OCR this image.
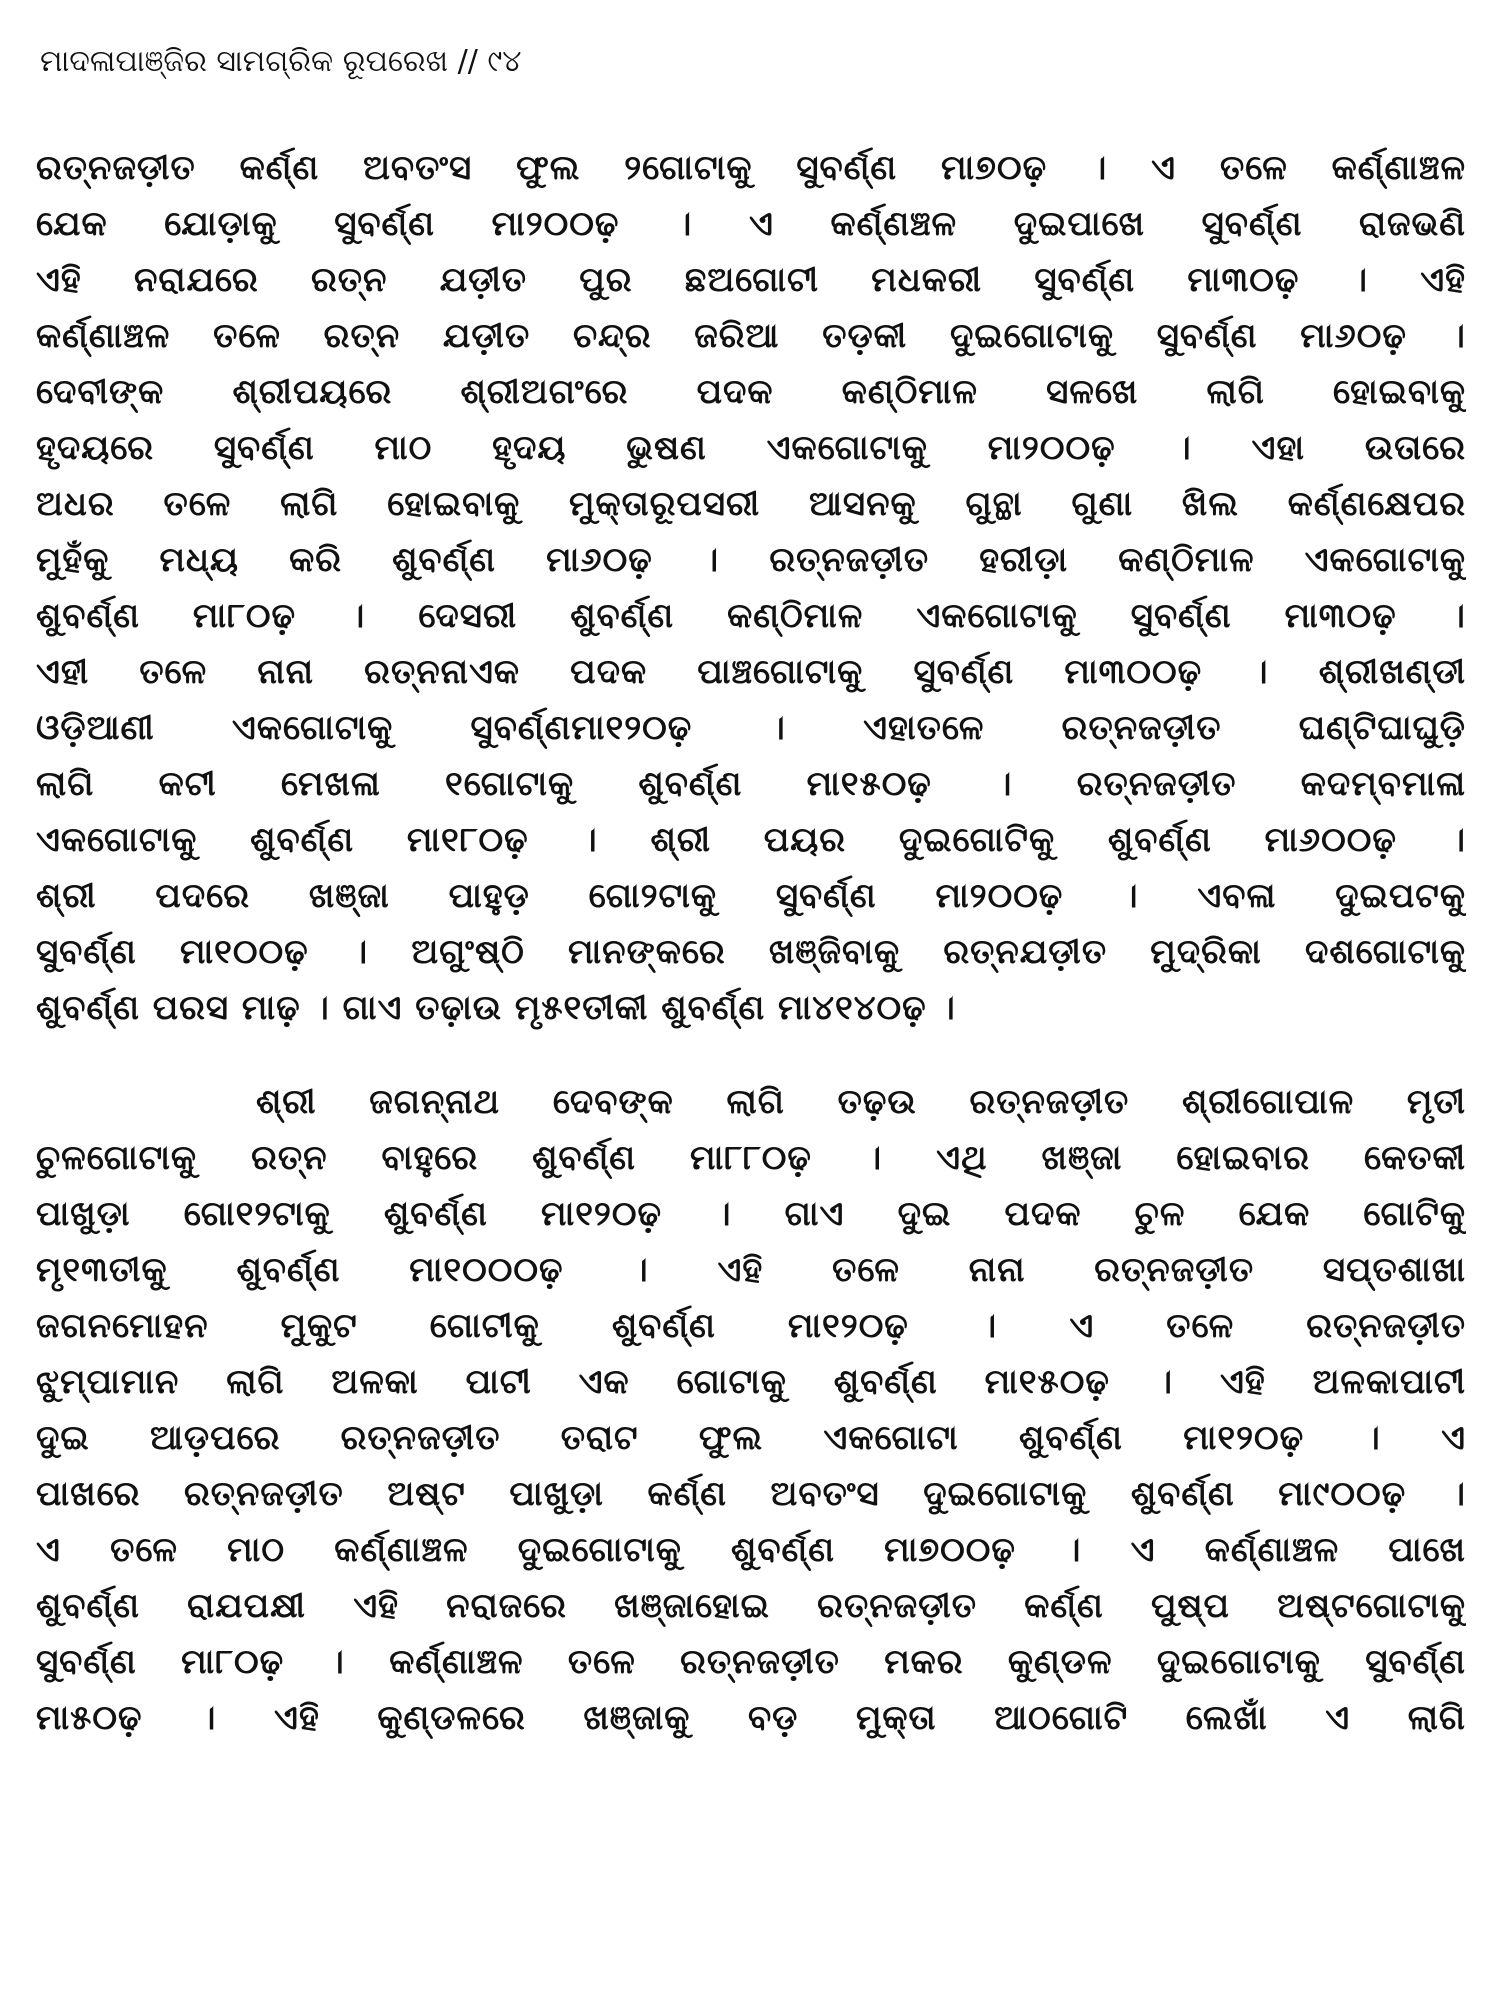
ମାଦଳାପାଞ୍ଜିର ସାମଗ୍ରିକ ରୂପରେଖ // ୯୪
ରତ୍ନଜଡ଼ୀତ କର୍ଣ୍ଣ ଅବତଂସ ଫୁଲ ୨ଗୋଟାକୁ ସୁବର୍ଣ୍ଣ ମା୭୦ଢ଼ । ଏ ତଳେ କର୍ଣ୍ଣାଞ୍ଚଳ
ଯେକ ଯୋଡ଼ାକୁ ସୁବର୍ଣ୍ଣ ମା୨୦୦ଢ଼ । ଏ କର୍ଣ୍ଣଞ୍ଚଳ ଦୁଇପାଖେ ସୁବର୍ଣ୍ଣ ରାଜଭଣି
ଏହି ନରାଯରେ ରତ୍ନ ଯଡ଼ୀତ ପୁର ଛଅଗୋଟୀ ମଧକରୀ ସୁବର୍ଣ୍ଣ ମା୩୦ଢ଼ । ଏହି
କର୍ଣ୍ଣାଞ୍ଚଳ ତଳେ ରତ୍ନ ଯଡ଼ୀତ ଚନ୍ଦ୍ର ଜରିଆ ତଡ଼କୀ ଦୁଇଗୋଟାକୁ ସୁବର୍ଣ୍ଣ ମା୬୦ଢ଼ ।
ଦେବୀଙ୍କ ଶ୍ରୀପୟରେ ଶ୍ରୀଅଗଂରେ ପଦକ କଣ୍ଠିମାଳ ସଳଖେ ଲାଗି ହୋଇବାକୁ
ହୃଦୟରେ ସୁବର୍ଣ୍ଣ ମାଠ ହୃଦୟ ଭୁଷଣ ଏକଗୋଟାକୁ ମା୨୦୦ଢ଼ । ଏହା ଉତାରେ
ଅଧର ତଳେ ଲାଗି ହୋଇବାକୁ ମୁକ୍ତାରୂପସରୀ ଆସନକୁ ଗୁନ୍ଥା ଗୁଣା ଖିଲ କର୍ଣ୍ଣକ୍ଷେପର
ମୁହଁକୁ ମଧ୍ୟ କରି ଶୁବର୍ଣ୍ଣ ମା୬୦ଢ଼ । ରତ୍ନଜଡ଼ୀତ ହରୀଡ଼ା କଣ୍ଠିମାଳ ଏକଗୋଟାକୁ
ଶୁବର୍ଣ୍ଣ ମା୮୦ଢ଼ । ଦେସରୀ ଶୁବର୍ଣ୍ଣ କଣ୍ଠିମାଳ ଏକଗୋଟାକୁ ସୁବର୍ଣ୍ଣ ମା୩୦ଢ଼ ।
ଏହୀ ତଳେ ନାନା ରତ୍ନନାଏକ ପଦକ ପାଞ୍ଚଗୋଟାକୁ ସୁବର୍ଣ୍ଣ ମା୩୦୦ଢ଼ । ଶ୍ରୀଖଣ୍ଡୀ
ଓଡ଼ିଆଣୀ ଏକଗୋଟାକୁ ସୁବର୍ଣ୍ଣମା୧୨୦ଢ଼ । ଏହାତଳେ ରତ୍ନଜଡ଼ୀତ ଘଣ୍ଟିଘାଘୁଡ଼ି
ଲାଗି କଟୀ ମେଖଳା ୧ଗୋଟାକୁ ଶୁବର୍ଣ୍ଣ ମା୧୫୦ଢ଼ । ରତ୍ନଜଡ଼ୀତ କଦମ୍ବମାଳା
ଏକଗୋଟାକୁ ଶୁବର୍ଣ୍ଣ ମା୧୮୦ଢ଼ । ଶ୍ରୀ ପୟର ଦୁଇଗୋଟିକୁ ଶୁବର୍ଣ୍ଣ ମା୬୦୦ଢ଼ ।
ଶ୍ରୀ ପଦରେ ଖଞ୍ଜା ପାହୁଡ଼ ଗୋ୨ଟାକୁ ସୁବର୍ଣ୍ଣ ମା୨୦୦ଢ଼ । ଏବଳା ଦୁଇପଟକୁ
ସୁବର୍ଣ୍ଣ ମା୧୦୦ଢ଼ । ଅଗୁଂଷ୍ଠି ମାନଙ୍କରେ ଖଞ୍ଜିବାକୁ ରତ୍ନଯଡ଼ୀତ ମୁଦ୍ରିକା ଦଶଗୋଟାକୁ
ଶୁବର୍ଣ୍ଣ ପରସ ମାଢ଼ । ଗାଏ ତଢ଼ାଉ ମୃ୫୧ତୀକୀ ଶୁବର୍ଣ୍ଣ ମା୪୧୪୦ଢ଼ ।
ଶ୍ରୀ ଜଗନ୍ନାଥ ଦେବଙ୍କ ଲାଗି ତଢ଼ଉ ରତ୍ନଜଡ଼ୀତ ଶ୍ରୀଗୋପାଳ ମୃତୀ
ଚୁଳଗୋଟାକୁ ରତ୍ନ ବାହୁରେ ଶୁବର୍ଣ୍ଣ ମା୮୮୦ଢ଼ । ଏଥି ଖଞ୍ଜା ହୋଇବାର କେତକୀ
ପାଖୁଡ଼ା ଗୋ୧୨ଟାକୁ ଶୁବର୍ଣ୍ଣ ମା୧୨୦ଢ଼ । ଗାଏ ଦୁଇ ପଦକ ଚୁଳ ଯେକ ଗୋଟିକୁ
ମୃ୧୩ତୀକୁ ଶୁବର୍ଣ୍ଣ ମା୧୦୦୦ଢ଼ । ଏହି ତଳେ ନାନା ରତ୍ନଜଡ଼ୀତ ସପ୍ତଶାଖା
ଜଗନମୋହନ ମୁକୁଟ ଗୋଟୀକୁ ଶୁବର୍ଣ୍ଣ ମା୧୨୦ଢ଼ । ଏ ତଳେ ରତ୍ନଜଡ଼ୀତ
ଝୁମ୍ପାମାନ ଲାଗି ଅଳକା ପାଟୀ ଏକ ଗୋଟାକୁ ଶୁବର୍ଣ୍ଣ ମା୧୫୦ଢ଼ । ଏହି ଅଳକାପାଟୀ
ଦୁଇ ଆଡ଼ପରେ ରତ୍ନଜଡ଼ୀତ ତରାଟ ଫୁଲ ଏକଗୋଟା ଶୁବର୍ଣ୍ଣ ମା୧୨୦ଢ଼ । ଏ
ପାଖରେ ରତ୍ନଜଡ଼ୀତ ଅଷ୍ଟ ପାଖୁଡ଼ା କର୍ଣ୍ଣ ଅବତଂସ ଦୁଇଗୋଟାକୁ ଶୁବର୍ଣ୍ଣ ମା୯୦୦ଢ଼ ।
ଏ ତଳେ ମାଠ କର୍ଣ୍ଣାଞ୍ଚଳ ଦୁଇଗୋଟାକୁ ଶୁବର୍ଣ୍ଣ ମା୭୦୦ଢ଼ । ଏ କର୍ଣ୍ଣାଞ୍ଚଳ ପାଖେ
ଶୁବର୍ଣ୍ଣ ରାଯପକ୍ଷୀ ଏହି ନରାଜରେ ଖଞ୍ଜାହୋଇ ରତ୍ନଜଡ଼ୀତ କର୍ଣ୍ଣ ପୁଷ୍ପ ଅଷ୍ଟଗୋଟାକୁ
ସୁବର୍ଣ୍ଣ ମା୮୦ଢ଼ । କର୍ଣ୍ଣାଞ୍ଚଳ ତଳେ ରତ୍ନଜଡ଼ୀତ ମକର କୁଣ୍ଡଳ ଦୁଇଗୋଟାକୁ ସୁବର୍ଣ୍ଣ
ମା୫୦ଢ଼ । ଏହି କୁଣ୍ଡଳରେ ଖଞ୍ଜାକୁ ବଡ଼ ମୁକ୍ତା ଆଠଗୋଟି ଲେଖାଁ ଏ ଲାଗି
